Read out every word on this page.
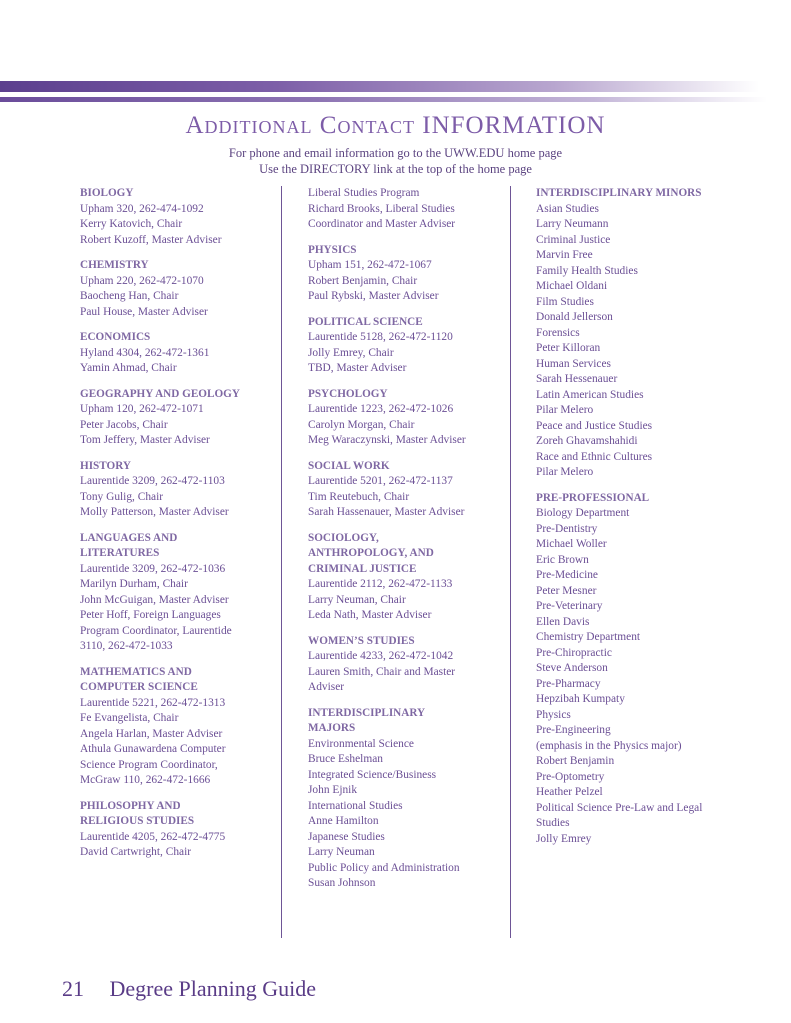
Additional Contact INFORMATION
For phone and email information go to the UWW.EDU home page
Use the DIRECTORY link at the top of the home page
BIOLOGY
Upham 320, 262-474-1092
Kerry Katovich, Chair
Robert Kuzoff, Master Adviser
CHEMISTRY
Upham 220, 262-472-1070
Baocheng Han, Chair
Paul House, Master Adviser
ECONOMICS
Hyland 4304, 262-472-1361
Yamin Ahmad, Chair
GEOGRAPHY AND GEOLOGY
Upham 120, 262-472-1071
Peter Jacobs, Chair
Tom Jeffery, Master Adviser
HISTORY
Laurentide 3209, 262-472-1103
Tony Gulig, Chair
Molly Patterson, Master Adviser
LANGUAGES AND
LITERATURES
Laurentide 3209, 262-472-1036
Marilyn Durham, Chair
John McGuigan, Master Adviser
Peter Hoff, Foreign Languages
Program Coordinator, Laurentide
3110, 262-472-1033
MATHEMATICS AND
COMPUTER SCIENCE
Laurentide 5221, 262-472-1313
Fe Evangelista, Chair
Angela Harlan, Master Adviser
Athula Gunawardena Computer
Science Program Coordinator,
McGraw 110, 262-472-1666
PHILOSOPHY AND
RELIGIOUS STUDIES
Laurentide 4205, 262-472-4775
David Cartwright, Chair
Liberal Studies Program
Richard Brooks, Liberal Studies
Coordinator and Master Adviser
PHYSICS
Upham 151, 262-472-1067
Robert Benjamin, Chair
Paul Rybski, Master Adviser
POLITICAL SCIENCE
Laurentide 5128, 262-472-1120
Jolly Emrey, Chair
TBD, Master Adviser
PSYCHOLOGY
Laurentide 1223, 262-472-1026
Carolyn Morgan, Chair
Meg Waraczynski, Master Adviser
SOCIAL WORK
Laurentide 5201, 262-472-1137
Tim Reutebuch, Chair
Sarah Hassenauer, Master Adviser
SOCIOLOGY,
ANTHROPOLOGY, AND
CRIMINAL JUSTICE
Laurentide 2112, 262-472-1133
Larry Neuman, Chair
Leda Nath, Master Adviser
WOMEN’S STUDIES
Laurentide 4233, 262-472-1042
Lauren Smith, Chair and Master
Adviser
INTERDISCIPLINARY
MAJORS
Environmental Science
Bruce Eshelman
Integrated Science/Business
John Ejnik
International Studies
Anne Hamilton
Japanese Studies
Larry Neuman
Public Policy and Administration
Susan Johnson
INTERDISCIPLINARY MINORS
Asian Studies
Larry Neumann
Criminal Justice
Marvin Free
Family Health Studies
Michael Oldani
Film Studies
Donald Jellerson
Forensics
Peter Killoran
Human Services
Sarah Hessenauer
Latin American Studies
Pilar Melero
Peace and Justice Studies
Zoreh Ghavamshahidi
Race and Ethnic Cultures
Pilar Melero
PRE-PROFESSIONAL
Biology Department
Pre-Dentistry
Michael Woller
Eric Brown
Pre-Medicine
Peter Mesner
Pre-Veterinary
Ellen Davis
Chemistry Department
Pre-Chiropractic
Steve Anderson
Pre-Pharmacy
Hepzibah Kumpaty
Physics
Pre-Engineering
(emphasis in the Physics major)
Robert Benjamin
Pre-Optometry
Heather Pelzel
Political Science Pre-Law and Legal
Studies
Jolly Emrey
21 Degree Planning Guide
